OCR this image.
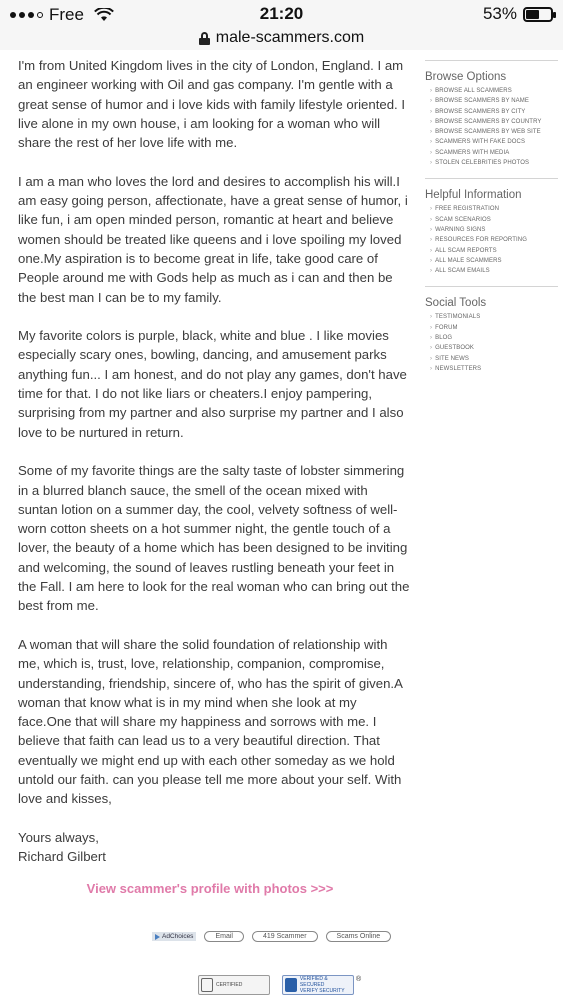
Free	21:20	53%
male-scammers.com

I'm from United Kingdom lives in the city of London, England. I am an engineer working with Oil and gas company. I'm gentle with a great sense of humor and i love kids with family lifestyle oriented. I live alone in my own house, i am looking for a woman who will share the rest of her love life with me.

I am a man who loves the lord and desires to accomplish his will.I am easy going person, affectionate, have a great sense of humor, i like fun, i am open minded person, romantic at heart and believe women should be treated like queens and i love spoiling my loved one.My aspiration is to become great in life, take good care of People around me with Gods help as much as i can and then be the best man I can be to my family.

My favorite colors is purple, black, white and blue . I like movies especially scary ones, bowling, dancing, and amusement parks anything fun... I am honest, and do not play any games, don't have time for that. I do not like liars or cheaters.I enjoy pampering, surprising from my partner and also surprise my partner and I also love to be nurtured in return.

Some of my favorite things are the salty taste of lobster simmering in a blurred blanch sauce, the smell of the ocean mixed with suntan lotion on a summer day, the cool, velvety softness of well-worn cotton sheets on a hot summer night, the gentle touch of a lover, the beauty of a home which has been designed to be inviting and welcoming, the sound of leaves rustling beneath your feet in the Fall. I am here to look for the real woman who can bring out the best from me.

A woman that will share the solid foundation of relationship with me, which is, trust, love, relationship, companion, compromise, understanding, friendship, sincere of, who has the spirit of given.A woman that know what is in my mind when she look at my face.One that will share my happiness and sorrows with me. I believe that faith can lead us to a very beautiful direction. That eventually we might end up with each other someday as we hold untold our faith. can you please tell me more about your self. With love and kisses,

Yours always,
Richard Gilbert
View scammer's profile with photos >>>
Browse Options
› BROWSE ALL SCAMMERS
› BROWSE SCAMMERS BY NAME
› BROWSE SCAMMERS BY CITY
› BROWSE SCAMMERS BY COUNTRY
› BROWSE SCAMMERS BY WEB SITE
› SCAMMERS WITH FAKE DOCS
› SCAMMERS WITH MEDIA
› STOLEN CELEBRITIES PHOTOS
Helpful Information
› FREE REGISTRATION
› SCAM SCENARIOS
› WARNING SIGNS
› RESOURCES FOR REPORTING
› ALL SCAM REPORTS
› ALL MALE SCAMMERS
› ALL SCAM EMAILS
Social Tools
› TESTIMONIALS
› FORUM
› BLOG
› GUESTBOOK
› SITE NEWS
› NEWSLETTERS
AdChoices	Email	419 Scammer	Scams Online
CERTIFIED
VERIFIED & SECURED
VERIFY SECURITY
®
